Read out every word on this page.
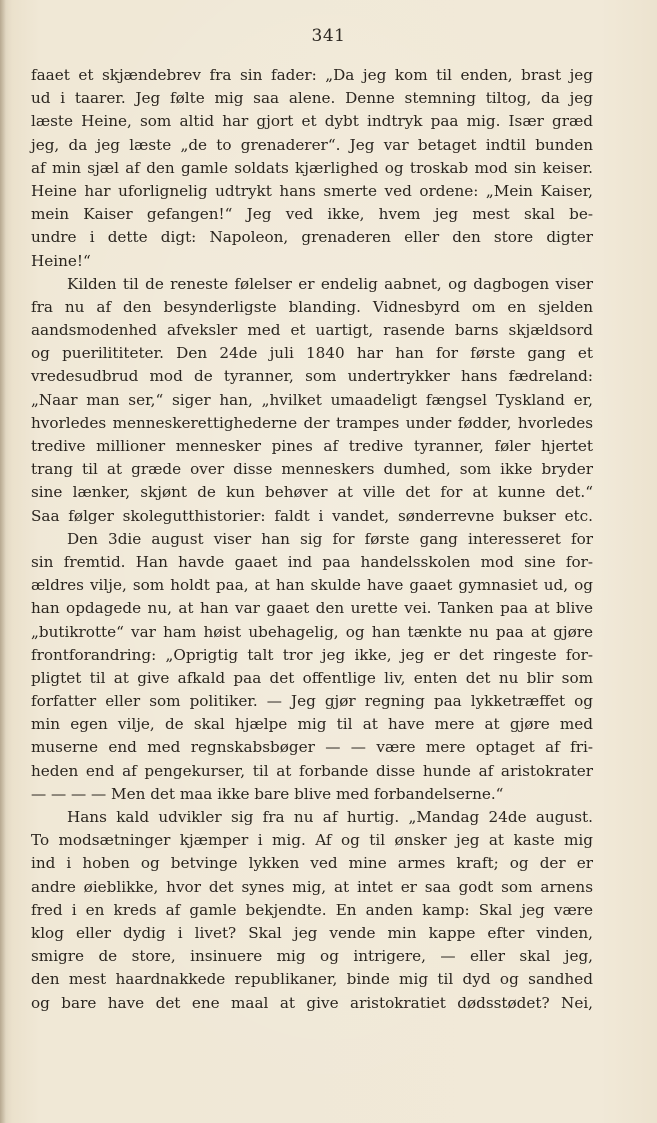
341
faaet et skjændebrev fra sin fader: „Da jeg kom til enden, brast jeg
ud i taarer. Jeg følte mig saa alene. Denne stemning tiltog, da jeg
læste Heine, som altid har gjort et dybt indtryk paa mig. Især græd
jeg, da jeg læste „de to grenaderer“. Jeg var betaget indtil bunden
af min sjæl af den gamle soldats kjærlighed og troskab mod sin keiser.
Heine har uforlignelig udtrykt hans smerte ved ordene: „Mein Kaiser,
mein Kaiser gefangen!“ Jeg ved ikke, hvem jeg mest skal be-
undre i dette digt: Napoleon, grenaderen eller den store digter
Heine!“
Kilden til de reneste følelser er endelig aabnet, og dagbogen viser
fra nu af den besynderligste blanding. Vidnesbyrd om en sjelden
aandsmodenhed afveksler med et uartigt, rasende barns skjældsord
og puerilititeter. Den 24de juli 1840 har han for første gang et
vredesudbrud mod de tyranner, som undertrykker hans fædreland:
„Naar man ser,“ siger han, „hvilket umaadeligt fængsel Tyskland er,
hvorledes menneskerettighederne der trampes under fødder, hvorledes
tredive millioner mennesker pines af tredive tyranner, føler hjertet
trang til at græde over disse menneskers dumhed, som ikke bryder
sine lænker, skjønt de kun behøver at ville det for at kunne det.“
Saa følger skolegutthistorier: faldt i vandet, sønderrevne bukser etc.
Den 3die august viser han sig for første gang interesseret for
sin fremtid. Han havde gaaet ind paa handelsskolen mod sine for-
ældres vilje, som holdt paa, at han skulde have gaaet gymnasiet ud, og
han opdagede nu, at han var gaaet den urette vei. Tanken paa at blive
„butikrotte“ var ham høist ubehagelig, og han tænkte nu paa at gjøre
frontforandring: „Oprigtig talt tror jeg ikke, jeg er det ringeste for-
pligtet til at give afkald paa det offentlige liv, enten det nu blir som
forfatter eller som politiker. — Jeg gjør regning paa lykketræffet og
min egen vilje, de skal hjælpe mig til at have mere at gjøre med
muserne end med regnskabsbøger — — være mere optaget af fri-
heden end af pengekurser, til at forbande disse hunde af aristokrater
— — — — Men det maa ikke bare blive med forbandelserne.“
Hans kald udvikler sig fra nu af hurtig. „Mandag 24de august.
To modsætninger kjæmper i mig. Af og til ønsker jeg at kaste mig
ind i hoben og betvinge lykken ved mine armes kraft; og der er
andre øieblikke, hvor det synes mig, at intet er saa godt som arnens
fred i en kreds af gamle bekjendte. En anden kamp: Skal jeg være
klog eller dydig i livet? Skal jeg vende min kappe efter vinden,
smigre de store, insinuere mig og intrigere, — eller skal jeg,
den mest haardnakkede republikaner, binde mig til dyd og sandhed
og bare have det ene maal at give aristokratiet dødsstødet? Nei,
